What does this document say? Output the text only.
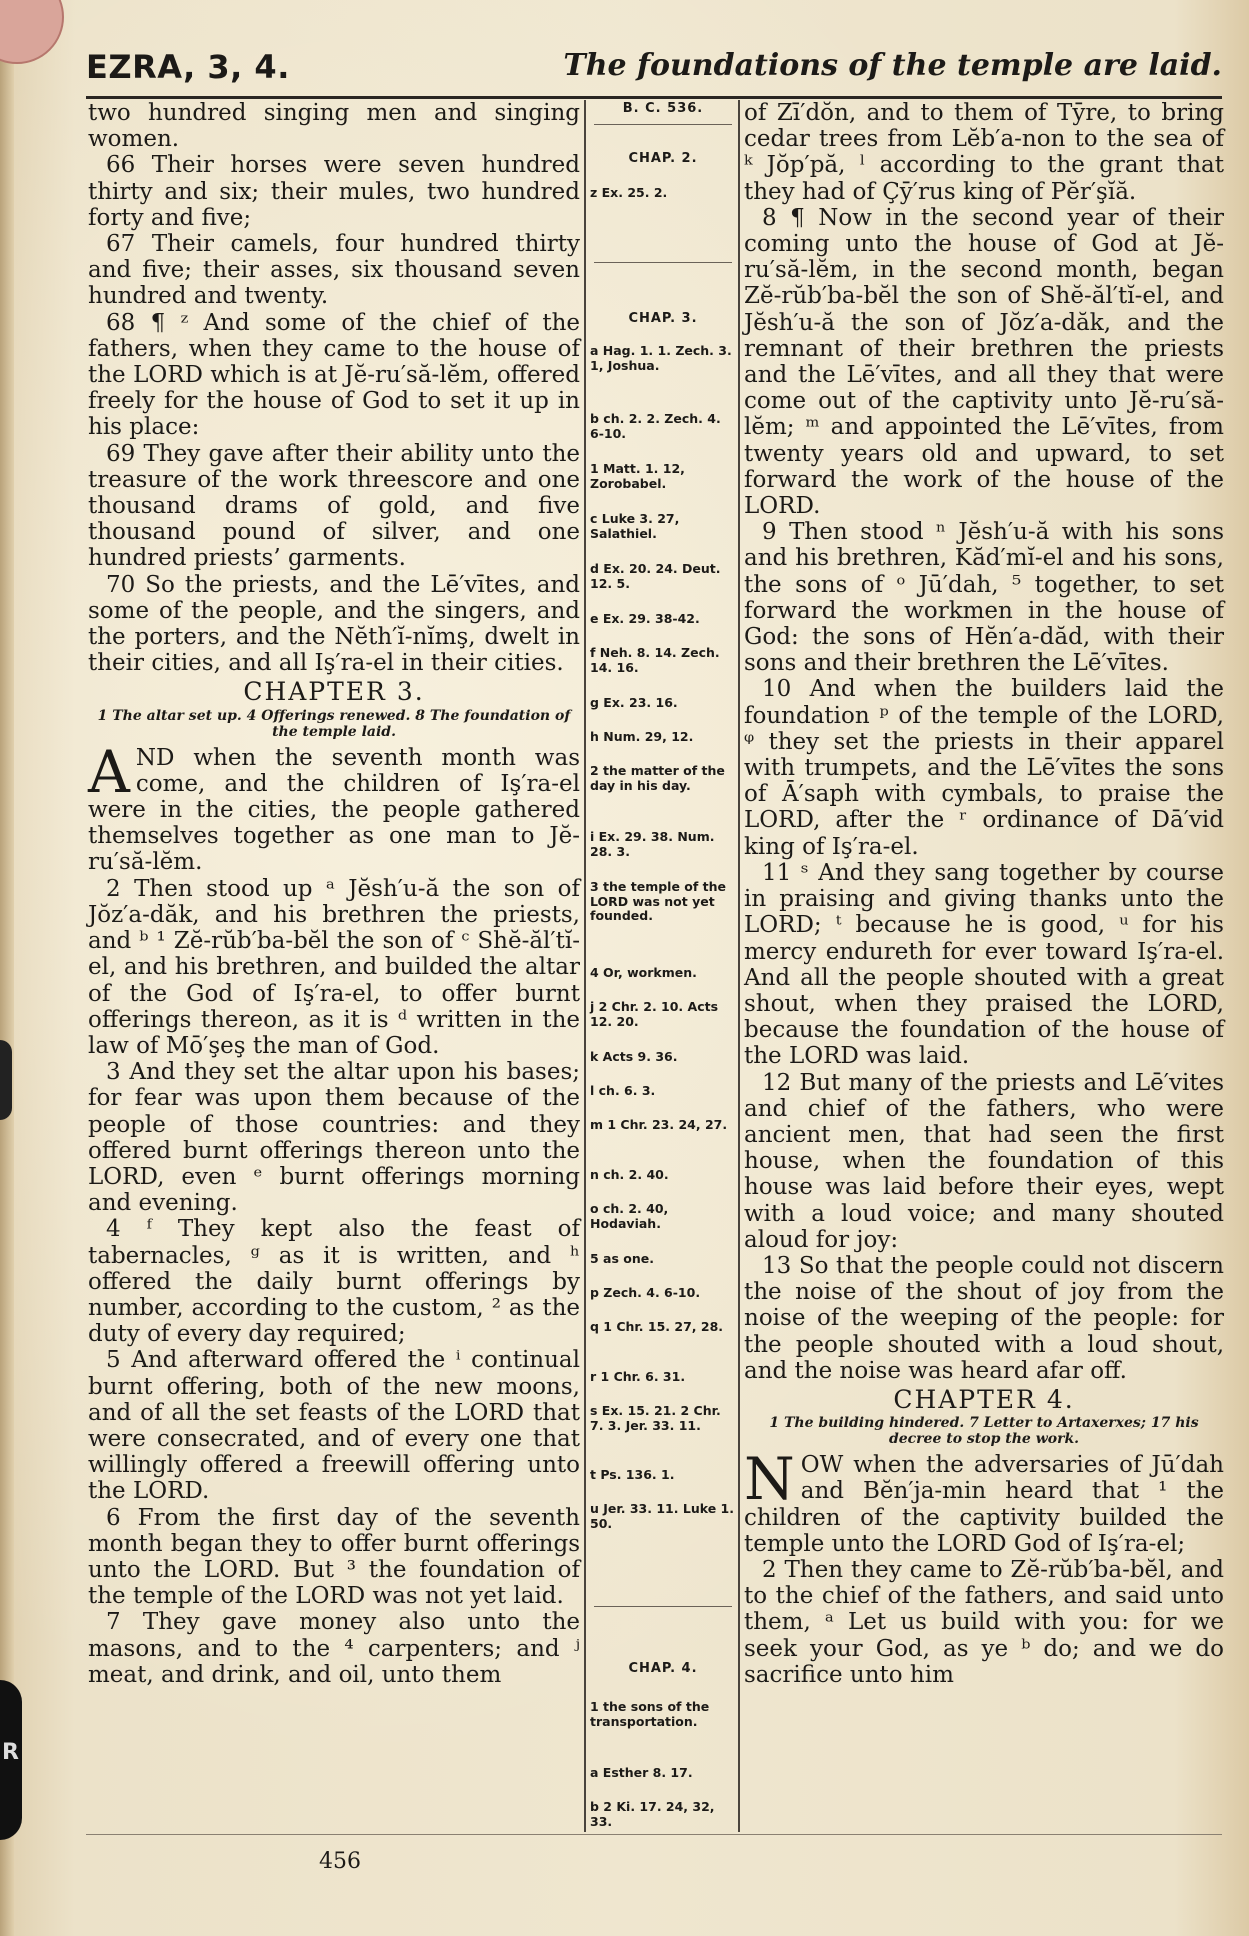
R
EZRA, 3, 4.	The foundations of the temple are laid.

two hundred singing men and singing women.

66 Their horses were seven hundred thirty and six; their mules, two hundred forty and five;

67 Their camels, four hundred thirty and five; their asses, six thousand seven hundred and twenty.

68 ¶ ᶻ And some of the chief of the fathers, when they came to the house of the LORD which is at Jĕ-ru′să-lĕm, offered freely for the house of God to set it up in his place:

69 They gave after their ability unto the treasure of the work threescore and one thousand drams of gold, and five thousand pound of silver, and one hundred priests’ garments.

70 So the priests, and the Lē′vītes, and some of the people, and the singers, and the porters, and the Nĕth′ĭ-nĭmş, dwelt in their cities, and all Iş′ra-el in their cities.

CHAPTER 3.
1 The altar set up. 4 Offerings renewed. 8 The foundation of the temple laid.

AND when the seventh month was come, and the children of Iş′ra-el were in the cities, the people gathered themselves together as one man to Jĕ-ru′să-lĕm.

2 Then stood up ᵃ Jĕsh′u-ă the son of Jŏz′a-dăk, and his brethren the priests, and ᵇ ¹ Zĕ-rŭb′ba-bĕl the son of ᶜ Shĕ-ăl′tĭ-el, and his brethren, and builded the altar of the God of Iş′ra-el, to offer burnt offerings thereon, as it is ᵈ written in the law of Mō′şeş the man of God.

3 And they set the altar upon his bases; for fear was upon them because of the people of those countries: and they offered burnt offerings thereon unto the LORD, even ᵉ burnt offerings morning and evening.

4 ᶠ They kept also the feast of tabernacles, ᵍ as it is written, and ʰ offered the daily burnt offerings by number, according to the custom, ² as the duty of every day required;

5 And afterward offered the ⁱ continual burnt offering, both of the new moons, and of all the set feasts of the LORD that were consecrated, and of every one that willingly offered a freewill offering unto the LORD.

6 From the first day of the seventh month began they to offer burnt offerings unto the LORD. But ³ the foundation of the temple of the LORD was not yet laid.

7 They gave money also unto the masons, and to the ⁴ carpenters; and ʲ meat, and drink, and oil, unto them

B. C. 536.
CHAP. 2.
z Ex. 25. 2.
CHAP. 3.
a Hag. 1. 1. Zech. 3. 1, Joshua.
b ch. 2. 2. Zech. 4. 6-10.
1 Matt. 1. 12, Zorobabel.
c Luke 3. 27, Salathiel.
d Ex. 20. 24. Deut. 12. 5.
e Ex. 29. 38-42.
f Neh. 8. 14. Zech. 14. 16.
g Ex. 23. 16.
h Num. 29, 12.
2 the matter of the day in his day.
i Ex. 29. 38. Num. 28. 3.
3 the temple of the LORD was not yet founded.
4 Or, workmen.
j 2 Chr. 2. 10. Acts 12. 20.
k Acts 9. 36.
l ch. 6. 3.
m 1 Chr. 23. 24, 27.
n ch. 2. 40.
o ch. 2. 40, Hodaviah.
5 as one.
p Zech. 4. 6-10.
q 1 Chr. 15. 27, 28.
r 1 Chr. 6. 31.
s Ex. 15. 21. 2 Chr. 7. 3. Jer. 33. 11.
t Ps. 136. 1.
u Jer. 33. 11. Luke 1. 50.
CHAP. 4.
1 the sons of the transportation.
a Esther 8. 17.
b 2 Ki. 17. 24, 32, 33.

of Zī′dŏn, and to them of Tȳre, to bring cedar trees from Lĕb′a-non to the sea of ᵏ Jŏp′pă, ˡ according to the grant that they had of Çȳ′rus king of Pĕr′şĭă.

8 ¶ Now in the second year of their coming unto the house of God at Jĕ-ru′să-lĕm, in the second month, began Zĕ-rŭb′ba-bĕl the son of Shĕ-ăl′tĭ-el, and Jĕsh′u-ă the son of Jŏz′a-dăk, and the remnant of their brethren the priests and the Lē′vītes, and all they that were come out of the captivity unto Jĕ-ru′să-lĕm; ᵐ and appointed the Lē′vītes, from twenty years old and upward, to set forward the work of the house of the LORD.

9 Then stood ⁿ Jĕsh′u-ă with his sons and his brethren, Kăd′mĭ-el and his sons, the sons of ᵒ Jū′dah, ⁵ together, to set forward the workmen in the house of God: the sons of Hĕn′a-dăd, with their sons and their brethren the Lē′vītes.

10 And when the builders laid the foundation ᵖ of the temple of the LORD, ᵠ they set the priests in their apparel with trumpets, and the Lē′vītes the sons of Ā′saph with cymbals, to praise the LORD, after the ʳ ordinance of Dā′vid king of Iş′ra-el.

11 ˢ And they sang together by course in praising and giving thanks unto the LORD; ᵗ because he is good, ᵘ for his mercy endureth for ever toward Iş′ra-el. And all the people shouted with a great shout, when they praised the LORD, because the foundation of the house of the LORD was laid.

12 But many of the priests and Lē′vites and chief of the fathers, who were ancient men, that had seen the first house, when the foundation of this house was laid before their eyes, wept with a loud voice; and many shouted aloud for joy:

13 So that the people could not discern the noise of the shout of joy from the noise of the weeping of the people: for the people shouted with a loud shout, and the noise was heard afar off.

CHAPTER 4.
1 The building hindered. 7 Letter to Artaxerxes; 17 his decree to stop the work.

NOW when the adversaries of Jū′dah and Bĕn′ja-min heard that ¹ the children of the captivity builded the temple unto the LORD God of Iş′ra-el;

2 Then they came to Zĕ-rŭb′ba-bĕl, and to the chief of the fathers, and said unto them, ᵃ Let us build with you: for we seek your God, as ye ᵇ do; and we do sacrifice unto him

456
